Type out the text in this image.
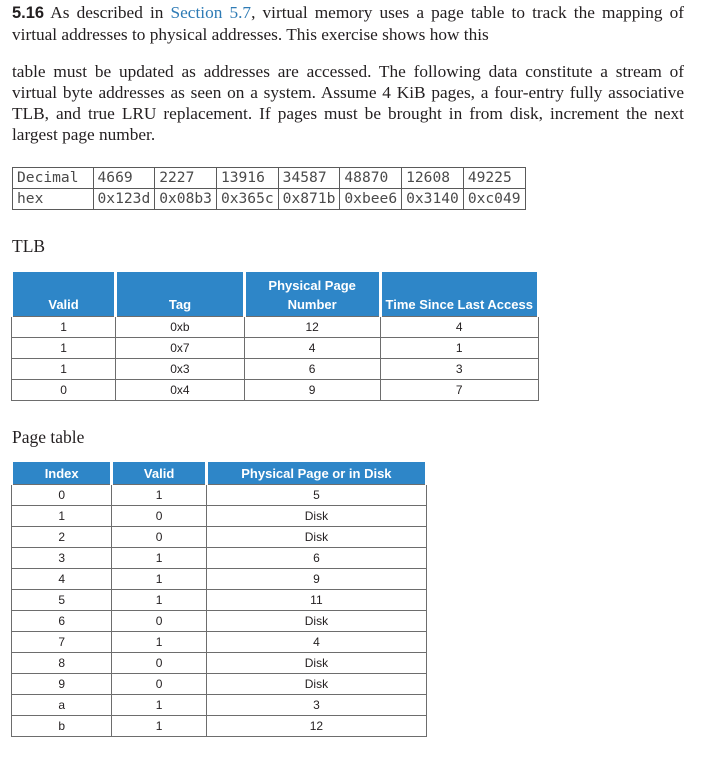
5.16 As described in Section 5.7, virtual memory uses a page table to track the mapping of virtual addresses to physical addresses. This exercise shows how this
table must be updated as addresses are accessed. The following data constitute a stream of virtual byte addresses as seen on a system. Assume 4 KiB pages, a four-entry fully associative TLB, and true LRU replacement. If pages must be brought in from disk, increment the next largest page number.
Decimal	4669	2227	13916	34587	48870	12608	49225
hex	0x123d	0x08b3	0x365c	0x871b	0xbee6	0x3140	0xc049
TLB
Valid	Tag	Physical Page Number	Time Since Last Access
1	0xb	12	4
1	0x7	4	1
1	0x3	6	3
0	0x4	9	7
Page table
Index	Valid	Physical Page or in Disk
0	1	5
1	0	Disk
2	0	Disk
3	1	6
4	1	9
5	1	11
6	0	Disk
7	1	4
8	0	Disk
9	0	Disk
a	1	3
b	1	12
